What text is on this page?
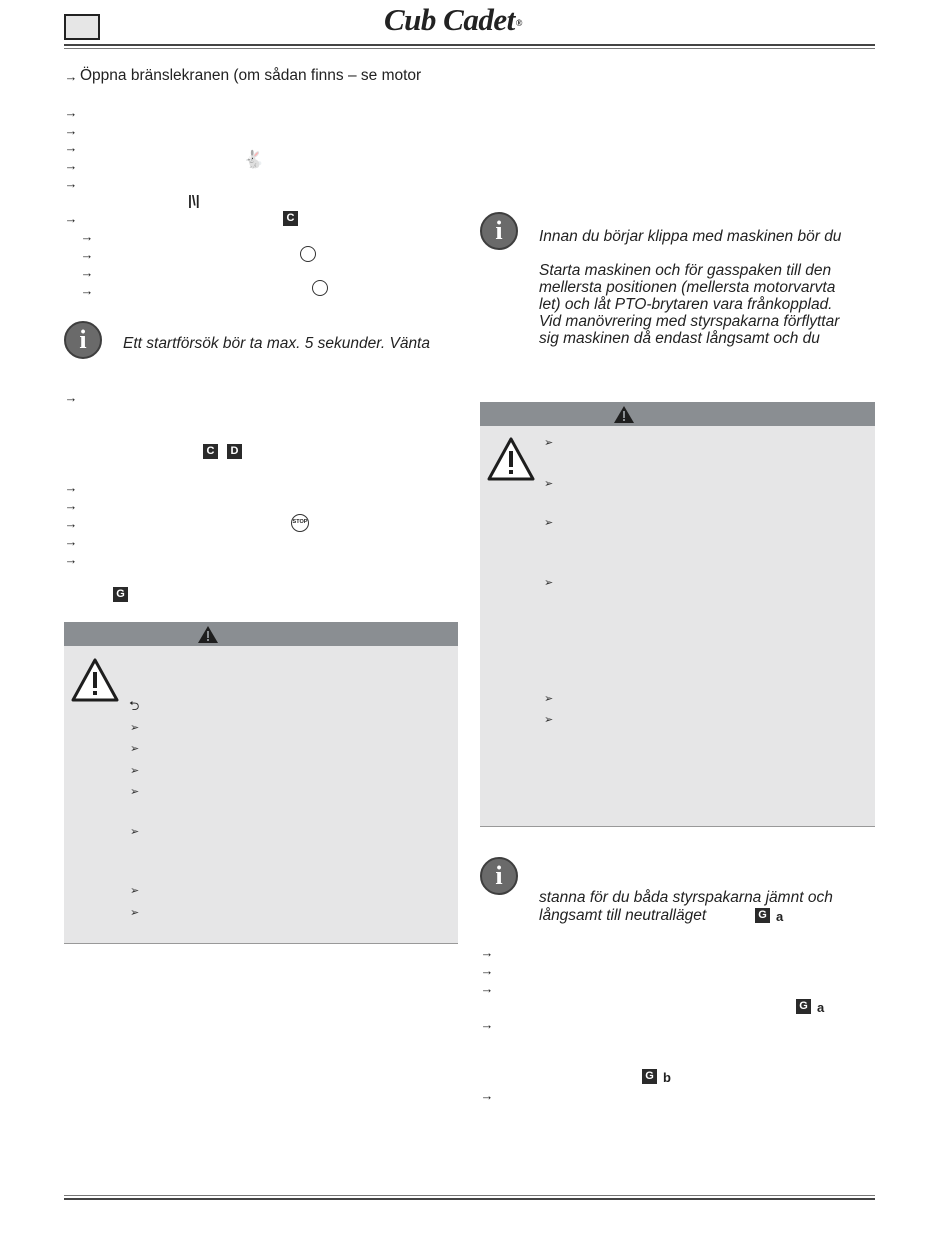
Cub Cadet®
→ Öppna bränslekranen (om sådan finns – se motor
→
→
→
→	🐇
→
|\|
→	C
→
→
→
→
i	Ett startförsök bör ta max. 5 sekunder. Vänta
→
C	D
→
→
→	STOP
→
→
G
⮌
➢
➢
➢
➢
➢
➢
➢
i	Innan du börjar klippa med maskinen bör du
Starta maskinen och för gasspaken till den
mellersta positionen (mellersta motorvarvta
let) och låt PTO-brytaren vara frånkopplad.
Vid manövrering med styrspakarna förflyttar
sig maskinen då endast långsamt och du
➢
➢
➢
➢
➢
➢
i
stanna för du båda styrspakarna jämnt och
långsamt till neutralläget	G a
→
→
→
G a
→
G b
→
